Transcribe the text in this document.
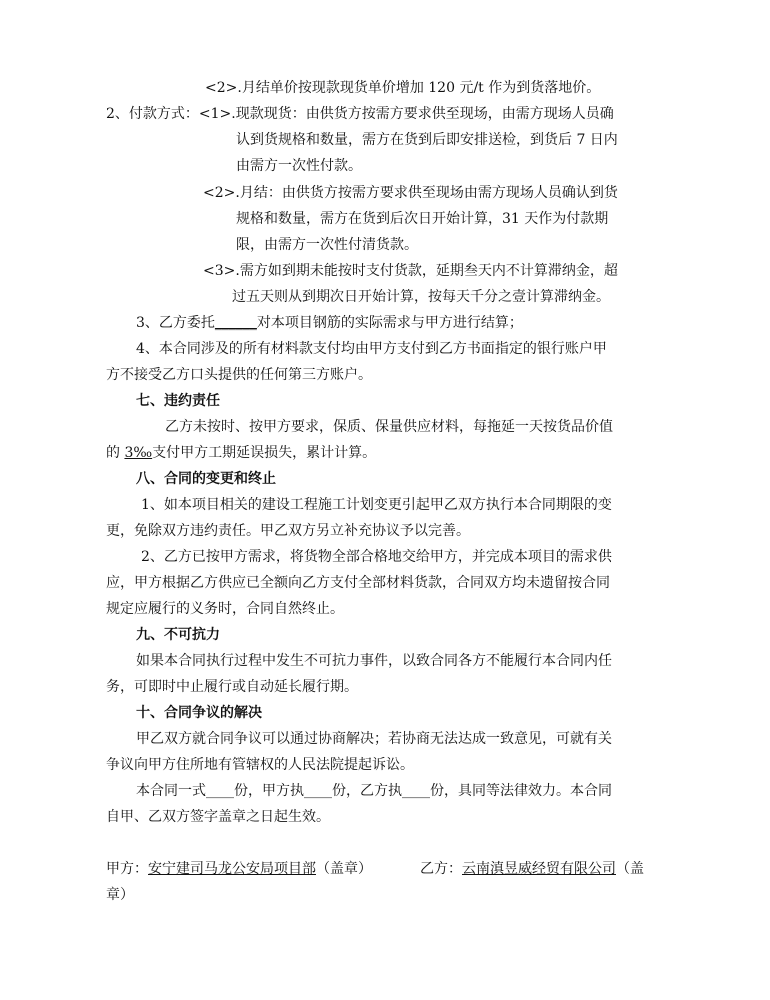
<2>.月结单价按现款现货单价增加 120 元/t 作为到货落地价。
2、付款方式：<1>.现款现货：由供货方按需方要求供至现场，由需方现场人员确
认到货规格和数量，需方在货到后即安排送检，到货后 7 日内
由需方一次性付款。
<2>.月结：由供货方按需方要求供至现场由需方现场人员确认到货
规格和数量，需方在货到后次日开始计算，31 天作为付款期
限，由需方一次性付清货款。
<3>.需方如到期未能按时支付货款，延期叁天内不计算滞纳金，超
过五天则从到期次日开始计算，按每天千分之壹计算滞纳金。
3、乙方委托______对本项目钢筋的实际需求与甲方进行结算；
4、本合同涉及的所有材料款支付均由甲方支付到乙方书面指定的银行账户甲
方不接受乙方口头提供的任何第三方账户。
七、违约责任
乙方未按时、按甲方要求，保质、保量供应材料，每拖延一天按货品价值
的 3‰支付甲方工期延误损失，累计计算。
八、合同的变更和终止
1、如本项目相关的建设工程施工计划变更引起甲乙双方执行本合同期限的变
更，免除双方违约责任。甲乙双方另立补充协议予以完善。
2、乙方已按甲方需求，将货物全部合格地交给甲方，并完成本项目的需求供
应，甲方根据乙方供应已全额向乙方支付全部材料货款，合同双方均未遗留按合同
规定应履行的义务时，合同自然终止。
九、不可抗力
如果本合同执行过程中发生不可抗力事件，以致合同各方不能履行本合同内任
务，可即时中止履行或自动延长履行期。
十、合同争议的解决
甲乙双方就合同争议可以通过协商解决；若协商无法达成一致意见，可就有关
争议向甲方住所地有管辖权的人民法院提起诉讼。
本合同一式____份，甲方执____份，乙方执____份，具同等法律效力。本合同
自甲、乙双方签字盖章之日起生效。
甲方：安宁建司马龙公安局项目部（盖章）	乙方：云南滇昱威经贸有限公司（盖
章）
